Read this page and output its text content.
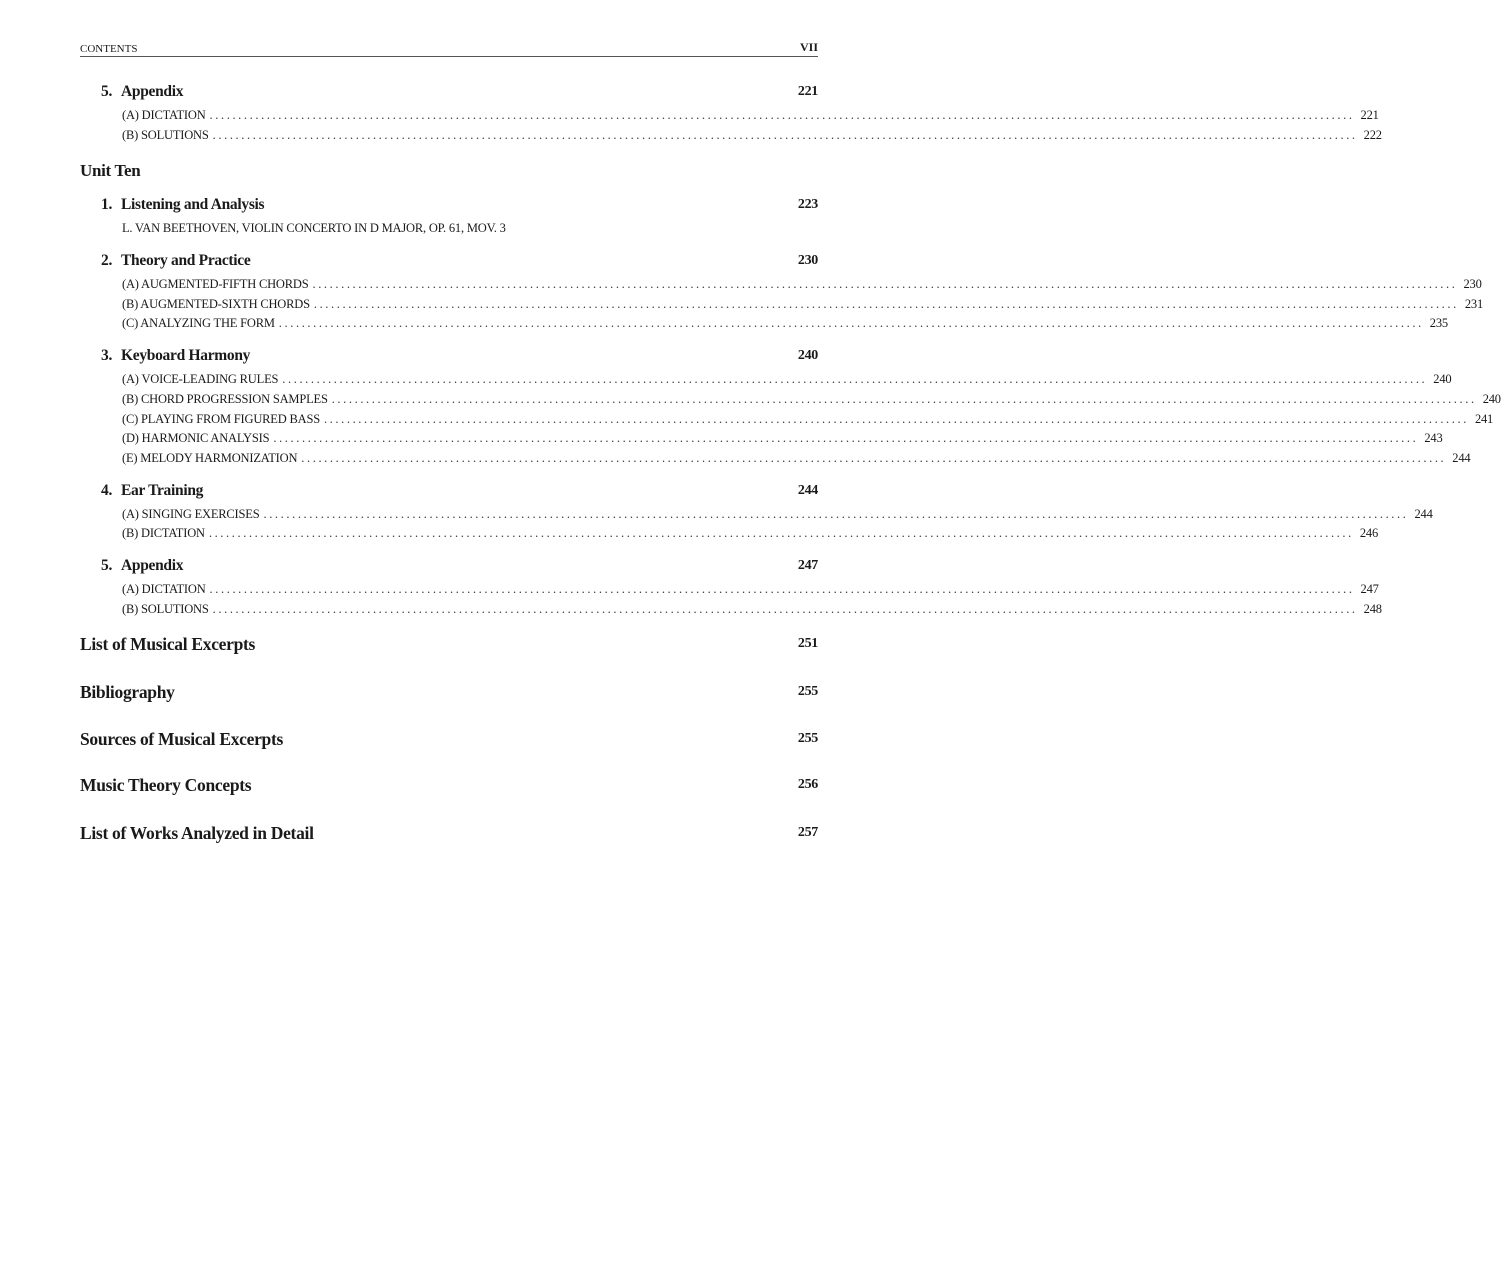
CONTENTS	VII
5. Appendix	221
(A) DICTATION ........................................................................................................................................................................................................ 221
(B) SOLUTIONS ........................................................................................................................................................................................................ 222
Unit Ten
1. Listening and Analysis	223
L. VAN BEETHOVEN, VIOLIN CONCERTO IN D MAJOR, OP. 61, MOV. 3
2. Theory and Practice	230
(A) AUGMENTED-FIFTH CHORDS ........................................................................................................................................................................................................ 230
(B) AUGMENTED-SIXTH CHORDS ........................................................................................................................................................................................................ 231
(C) ANALYZING THE FORM ........................................................................................................................................................................................................ 235
3. Keyboard Harmony	240
(A) VOICE-LEADING RULES ........................................................................................................................................................................................................ 240
(B) CHORD PROGRESSION SAMPLES ........................................................................................................................................................................................................ 240
(C) PLAYING FROM FIGURED BASS ........................................................................................................................................................................................................ 241
(D) HARMONIC ANALYSIS ........................................................................................................................................................................................................ 243
(E) MELODY HARMONIZATION ........................................................................................................................................................................................................ 244
4. Ear Training	244
(A) SINGING EXERCISES ........................................................................................................................................................................................................ 244
(B) DICTATION ........................................................................................................................................................................................................ 246
5. Appendix	247
(A) DICTATION ........................................................................................................................................................................................................ 247
(B) SOLUTIONS ........................................................................................................................................................................................................ 248
List of Musical Excerpts	251
Bibliography	255
Sources of Musical Excerpts	255
Music Theory Concepts	256
List of Works Analyzed in Detail	257
